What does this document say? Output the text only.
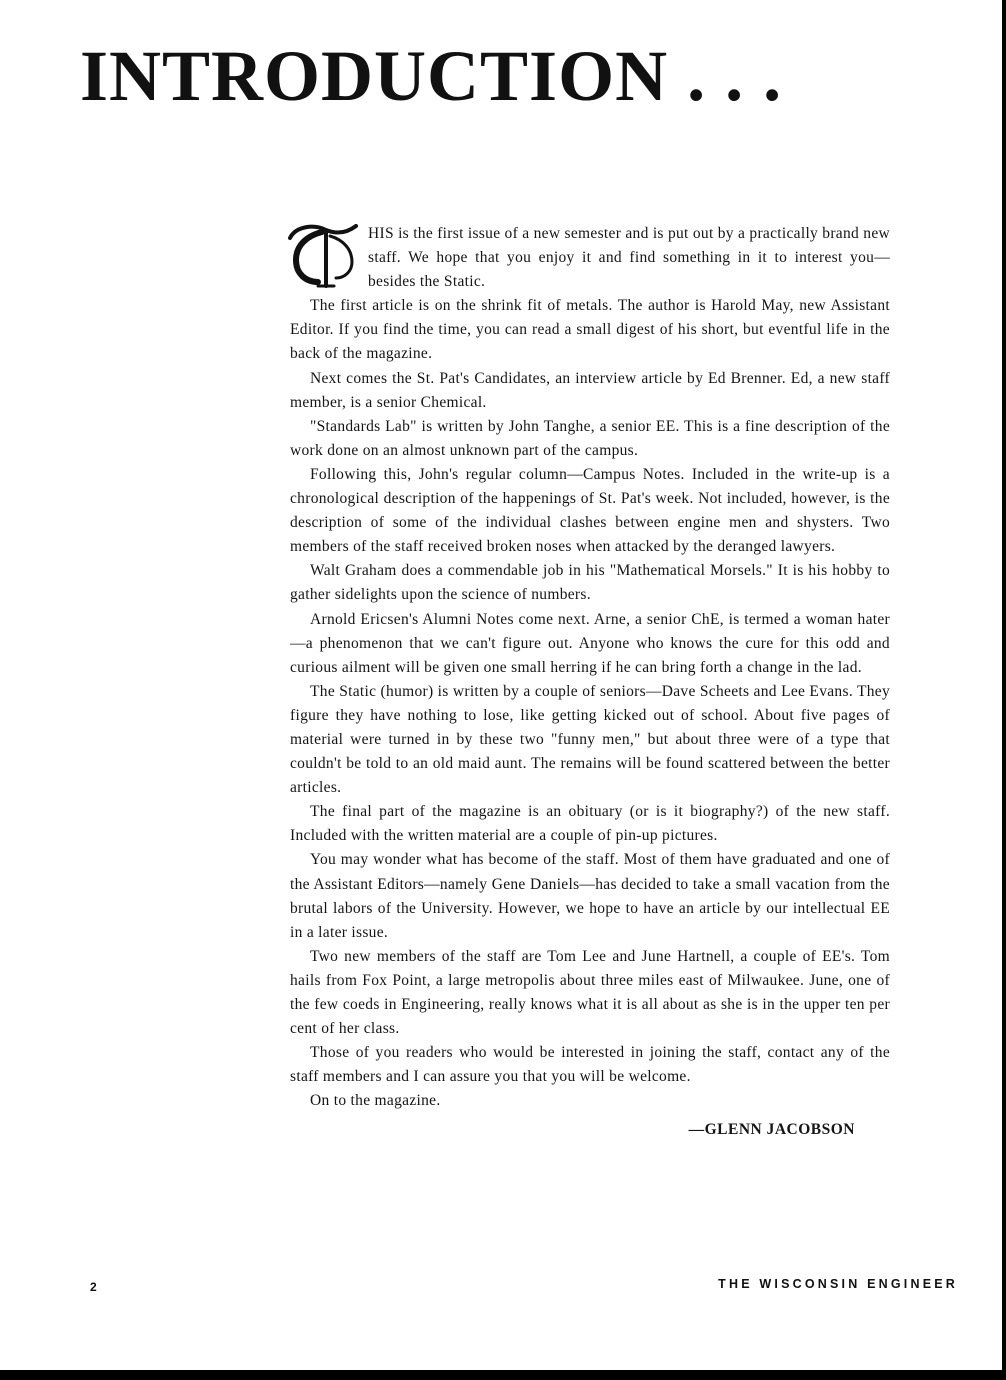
INTRODUCTION . . .

HIS is the first issue of a new semester and is put out by a practically brand new staff. We hope that you enjoy it and find something in it to interest you—besides the Static.

The first article is on the shrink fit of metals. The author is Harold May, new Assistant Editor. If you find the time, you can read a small digest of his short, but eventful life in the back of the magazine.

Next comes the St. Pat's Candidates, an interview article by Ed Brenner. Ed, a new staff member, is a senior Chemical.

"Standards Lab" is written by John Tanghe, a senior EE. This is a fine description of the work done on an almost unknown part of the campus.

Following this, John's regular column—Campus Notes. Included in the write-up is a chronological description of the happenings of St. Pat's week. Not included, however, is the description of some of the individual clashes between engine men and shysters. Two members of the staff received broken noses when attacked by the deranged lawyers.

Walt Graham does a commendable job in his "Mathematical Morsels." It is his hobby to gather sidelights upon the science of numbers.

Arnold Ericsen's Alumni Notes come next. Arne, a senior ChE, is termed a woman hater—a phenomenon that we can't figure out. Anyone who knows the cure for this odd and curious ailment will be given one small herring if he can bring forth a change in the lad.

The Static (humor) is written by a couple of seniors—Dave Scheets and Lee Evans. They figure they have nothing to lose, like getting kicked out of school. About five pages of material were turned in by these two "funny men," but about three were of a type that couldn't be told to an old maid aunt. The remains will be found scattered between the better articles.

The final part of the magazine is an obituary (or is it biography?) of the new staff. Included with the written material are a couple of pin-up pictures.

You may wonder what has become of the staff. Most of them have graduated and one of the Assistant Editors—namely Gene Daniels—has decided to take a small vacation from the brutal labors of the University. However, we hope to have an article by our intellectual EE in a later issue.

Two new members of the staff are Tom Lee and June Hartnell, a couple of EE's. Tom hails from Fox Point, a large metropolis about three miles east of Milwaukee. June, one of the few coeds in Engineering, really knows what it is all about as she is in the upper ten per cent of her class.

Those of you readers who would be interested in joining the staff, contact any of the staff members and I can assure you that you will be welcome.

On to the magazine.

—GLENN JACOBSON
2	THE WISCONSIN ENGINEER
